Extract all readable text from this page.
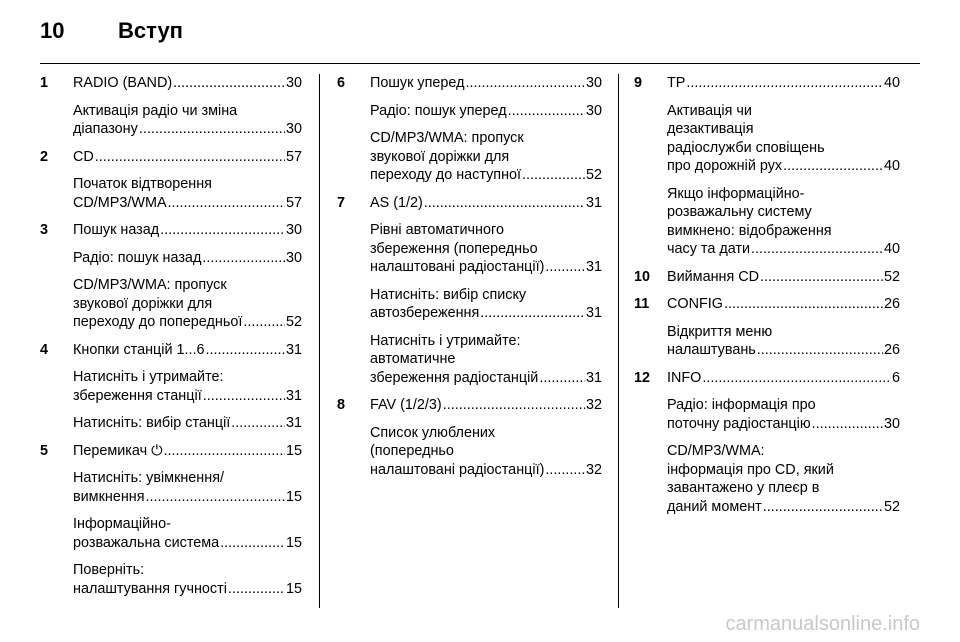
10 Вступ
1 RADIO (BAND) .....	30
Активація радіо чи зміна
діапазону .....	30
2 CD .....	57
Початок відтворення
CD/MP3/WMA .....	57
3 Пошук назад .....	30
Радіо: пошук назад .....	30
CD/MP3/WMA: пропуск
звукової доріжки для
переходу до попередньої .....	52
4 Кнопки станцій 1...6 .....	31
Натисніть і утримайте:
збереження станції .....	31
Натисніть: вибір станції .....	31
5 Перемикач ⏻ .....	15
Натисніть: увімкнення/
вимкнення .....	15
Інформаційно-
розважальна система .....	15
Поверніть:
налаштування гучності .....	15
6 Пошук уперед .....	30
Радіо: пошук уперед .....	30
CD/MP3/WMA: пропуск
звукової доріжки для
переходу до наступної .....	52
7 AS (1/2) .....	31
Рівні автоматичного
збереження (попередньо
налаштовані радіостанції) .....	31
Натисніть: вибір списку
автозбереження .....	31
Натисніть і утримайте:
автоматичне
збереження радіостанцій .....	31
8 FAV (1/2/3) .....	32
Список улюблених
(попередньо
налаштовані радіостанції) .....	32
9 TP .....	40
Активація чи
дезактивація
радіослужби сповіщень
про дорожній рух .....	40
Якщо інформаційно-
розважальну систему
вимкнено: відображення
часу та дати .....	40
10 Виймання CD .....	52
11 CONFIG .....	26
Відкриття меню
налаштувань .....	26
12 INFO .....	6
Радіо: інформація про
поточну радіостанцію .....	30
CD/MP3/WMA:
інформація про CD, який
завантажено у плеєр в
даний момент .....	52
carmanualsonline.info
